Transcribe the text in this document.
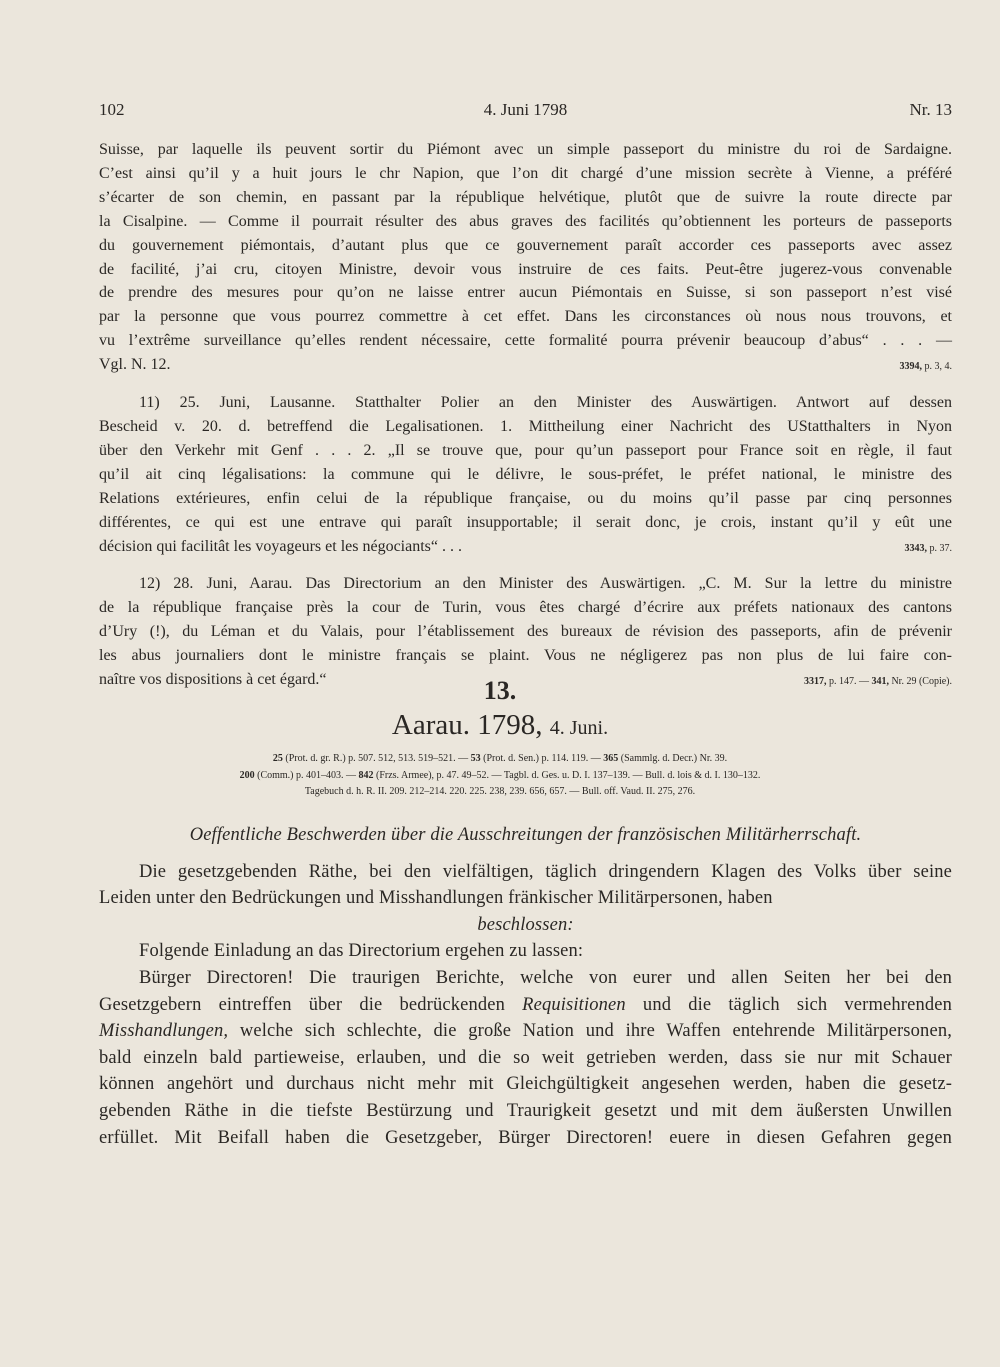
102	4. Juni 1798	Nr. 13
Suisse, par laquelle ils peuvent sortir du Piémont avec un simple passeport du ministre du roi de Sardaigne.
C’est ainsi qu’il y a huit jours le chr Napion, que l’on dit chargé d’une mission secrète à Vienne, a préféré
s’écarter de son chemin, en passant par la république helvétique, plutôt que de suivre la route directe par
la Cisalpine. — Comme il pourrait résulter des abus graves des facilités qu’obtiennent les porteurs de passeports
du gouvernement piémontais, d’autant plus que ce gouvernement paraît accorder ces passeports avec assez
de facilité, j’ai cru, citoyen Ministre, devoir vous instruire de ces faits. Peut-être jugerez-vous convenable
de prendre des mesures pour qu’on ne laisse entrer aucun Piémontais en Suisse, si son passeport n’est visé
par la personne que vous pourrez commettre à cet effet. Dans les circonstances où nous nous trouvons, et
vu l’extrême surveillance qu’elles rendent nécessaire, cette formalité pourra prévenir beaucoup d’abus“ . . . —
Vgl. N. 12.	3394, p. 3, 4.
11) 25. Juni, Lausanne. Statthalter Polier an den Minister des Auswärtigen. Antwort auf dessen
Bescheid v. 20. d. betreffend die Legalisationen. 1. Mittheilung einer Nachricht des UStatthalters in Nyon
über den Verkehr mit Genf . . . 2. „Il se trouve que, pour qu’un passeport pour France soit en règle, il faut
qu’il ait cinq légalisations: la commune qui le délivre, le sous-préfet, le préfet national, le ministre des
Relations extérieures, enfin celui de la république française, ou du moins qu’il passe par cinq personnes
différentes, ce qui est une entrave qui paraît insupportable; il serait donc, je crois, instant qu’il y eût une
décision qui facilitât les voyageurs et les négociants“ . . .	3343, p. 37.
12) 28. Juni, Aarau. Das Directorium an den Minister des Auswärtigen. „C. M. Sur la lettre du ministre
de la république française près la cour de Turin, vous êtes chargé d’écrire aux préfets nationaux des cantons
d’Ury (!), du Léman et du Valais, pour l’établissement des bureaux de révision des passeports, afin de prévenir
les abus journaliers dont le ministre français se plaint. Vous ne négligerez pas non plus de lui faire con-
naître vos dispositions à cet égard.“	3317, p. 147. — 341, Nr. 29 (Copie).
13.
Aarau. 1798, 4. Juni.
25 (Prot. d. gr. R.) p. 507. 512, 513. 519–521. — 53 (Prot. d. Sen.) p. 114. 119. — 365 (Sammlg. d. Decr.) Nr. 39.
200 (Comm.) p. 401–403. — 842 (Frzs. Armee), p. 47. 49–52. — Tagbl. d. Ges. u. D. I. 137–139. — Bull. d. lois & d. I. 130–132.
Tagebuch d. h. R. II. 209. 212–214. 220. 225. 238, 239. 656, 657. — Bull. off. Vaud. II. 275, 276.
Oeffentliche Beschwerden über die Ausschreitungen der französischen Militärherrschaft.
Die gesetzgebenden Räthe, bei den vielfältigen, täglich dringendern Klagen des Volks über seine
Leiden unter den Bedrückungen und Misshandlungen fränkischer Militärpersonen, haben
beschlossen:
Folgende Einladung an das Directorium ergehen zu lassen:
Bürger Directoren! Die traurigen Berichte, welche von eurer und allen Seiten her bei den
Gesetzgebern eintreffen über die bedrückenden Requisitionen und die täglich sich vermehrenden
Misshandlungen, welche sich schlechte, die große Nation und ihre Waffen entehrende Militärpersonen,
bald einzeln bald partieweise, erlauben, und die so weit getrieben werden, dass sie nur mit Schauer
können angehört und durchaus nicht mehr mit Gleichgültigkeit angesehen werden, haben die gesetz-
gebenden Räthe in die tiefste Bestürzung und Traurigkeit gesetzt und mit dem äußersten Unwillen
erfüllet. Mit Beifall haben die Gesetzgeber, Bürger Directoren! euere in diesen Gefahren gegen
